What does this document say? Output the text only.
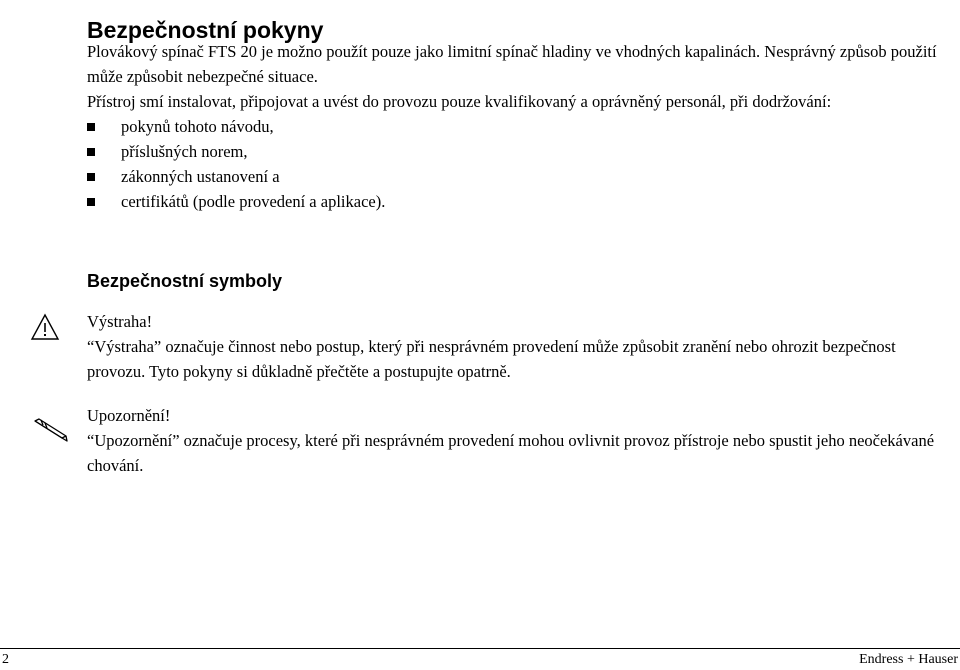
Bezpečnostní pokyny

Plovákový spínač FTS 20 je možno použít pouze jako limitní spínač hladiny ve vhodných kapalinách. Nesprávný způsob použití může způsobit nebezpečné situace.

Přístroj smí instalovat, připojovat a uvést do provozu pouze kvalifikovaný a oprávněný personál, při dodržování:

pokynů tohoto návodu,
příslušných norem,
zákonných ustanovení a
certifikátů (podle provedení a aplikace).
Bezpečnostní symboly

Výstraha!

“Výstraha” označuje činnost nebo postup, který při nesprávném provedení může způsobit zranění nebo ohrozit bezpečnost provozu. Tyto pokyny si důkladně přečtěte a postupujte opatrně.

Upozornění!

“Upozornění” označuje procesy, které při nesprávném provedení mohou ovlivnit provoz přístroje nebo spustit jeho neočekávané chování.

2	Endress + Hauser
